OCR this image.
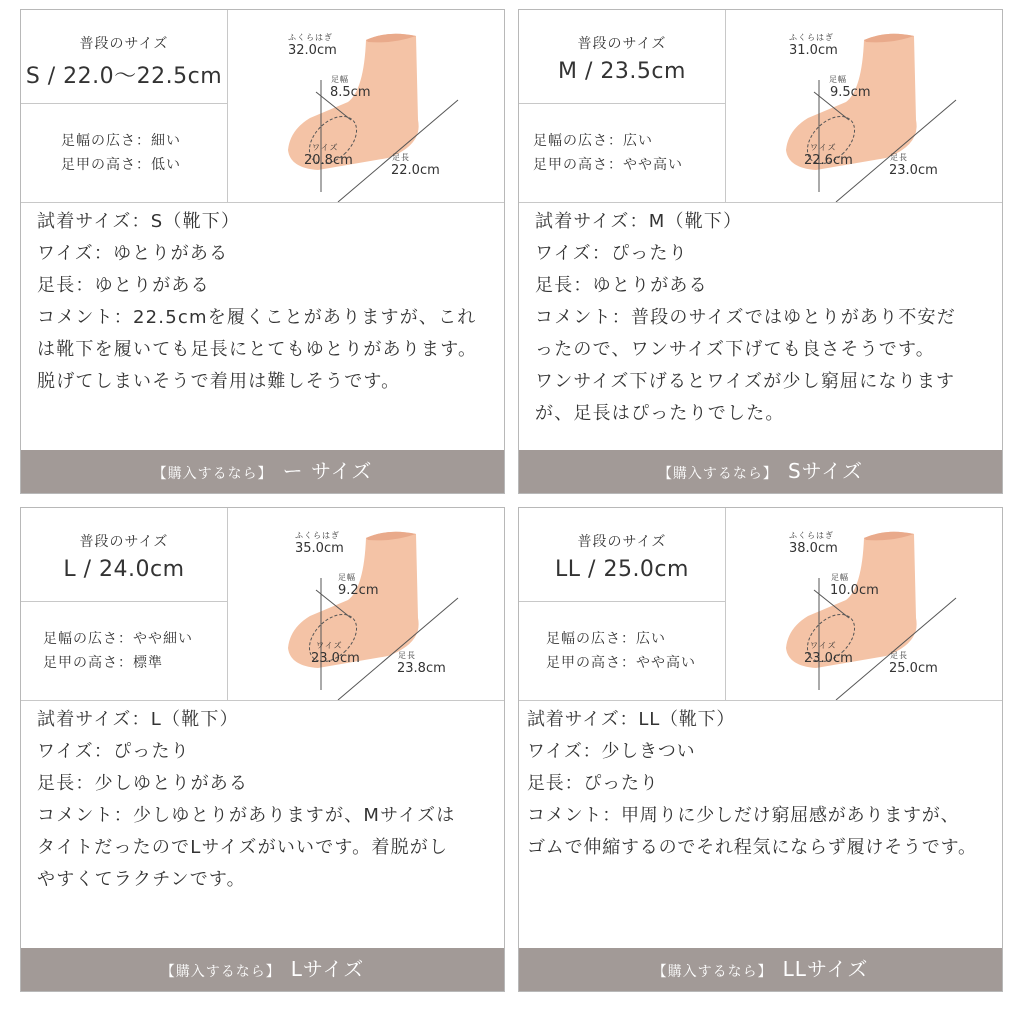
普段のサイズ
S / 22.0〜22.5cm
足幅の広さ：細い
足甲の高さ：低い
ふくらはぎ
32.0cm
足幅
8.5cm
ワイズ
20.8cm	足長
22.0cm
試着サイズ：S（靴下）
ワイズ：ゆとりがある
足長：ゆとりがある
コメント：22.5cmを履くことがありますが、これ
は靴下を履いても足長にとてもゆとりがあります。
脱げてしまいそうで着用は難しそうです。
【購入するなら】 ー サイズ
普段のサイズ
M / 23.5cm
足幅の広さ：広い
足甲の高さ：やや高い
ふくらはぎ
31.0cm
足幅
9.5cm
ワイズ
22.6cm	足長
23.0cm
試着サイズ：M（靴下）
ワイズ：ぴったり
足長：ゆとりがある
コメント：普段のサイズではゆとりがあり不安だ
ったので、ワンサイズ下げても良さそうです。
ワンサイズ下げるとワイズが少し窮屈になります
が、足長はぴったりでした。
【購入するなら】 Sサイズ
普段のサイズ
L / 24.0cm
足幅の広さ：やや細い
足甲の高さ：標準
ふくらはぎ
35.0cm
足幅
9.2cm
ワイズ
23.0cm	足長
23.8cm
試着サイズ：L（靴下）
ワイズ：ぴったり
足長：少しゆとりがある
コメント：少しゆとりがありますが、Mサイズは
タイトだったのでLサイズがいいです。着脱がし
やすくてラクチンです。
【購入するなら】 Lサイズ
普段のサイズ
LL / 25.0cm
足幅の広さ：広い
足甲の高さ：やや高い
ふくらはぎ
38.0cm
足幅
10.0cm
ワイズ
23.0cm	足長
25.0cm
試着サイズ：LL（靴下）
ワイズ：少しきつい
足長：ぴったり
コメント：甲周りに少しだけ窮屈感がありますが、
ゴムで伸縮するのでそれ程気にならず履けそうです。
【購入するなら】 LLサイズ
